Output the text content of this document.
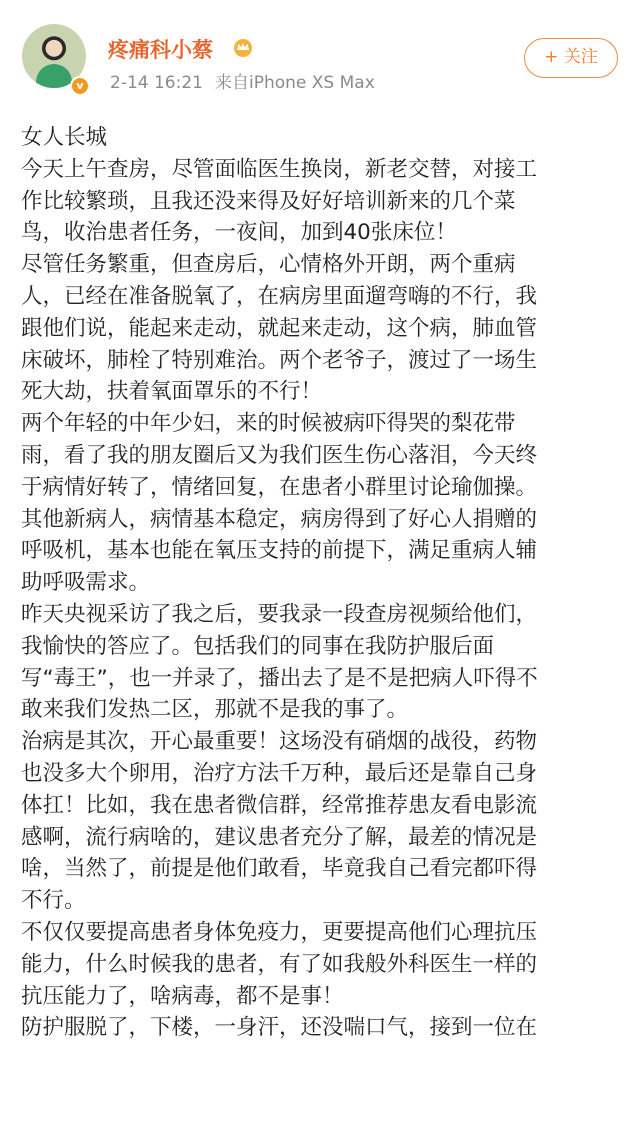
v
疼痛科小蔡
2-14 16:21 来自iPhone XS Max
+ 关注
女人长城
今天上午查房，尽管面临医生换岗，新老交替，对接工
作比较繁琐，且我还没来得及好好培训新来的几个菜
鸟，收治患者任务，一夜间，加到40张床位！
尽管任务繁重，但查房后，心情格外开朗，两个重病
人，已经在准备脱氧了，在病房里面遛弯嗨的不行，我
跟他们说，能起来走动，就起来走动，这个病，肺血管
床破坏，肺栓了特别难治。两个老爷子，渡过了一场生
死大劫，扶着氧面罩乐的不行！
两个年轻的中年少妇，来的时候被病吓得哭的梨花带
雨，看了我的朋友圈后又为我们医生伤心落泪，今天终
于病情好转了，情绪回复，在患者小群里讨论瑜伽操。
其他新病人，病情基本稳定，病房得到了好心人捐赠的
呼吸机，基本也能在氧压支持的前提下，满足重病人辅
助呼吸需求。
昨天央视采访了我之后，要我录一段查房视频给他们，
我愉快的答应了。包括我们的同事在我防护服后面
写“毒王”，也一并录了，播出去了是不是把病人吓得不
敢来我们发热二区，那就不是我的事了。
治病是其次，开心最重要！这场没有硝烟的战役，药物
也没多大个卵用，治疗方法千万种，最后还是靠自己身
体扛！比如，我在患者微信群，经常推荐患友看电影流
感啊，流行病啥的，建议患者充分了解，最差的情况是
啥，当然了，前提是他们敢看，毕竟我自己看完都吓得
不行。
不仅仅要提高患者身体免疫力，更要提高他们心理抗压
能力，什么时候我的患者，有了如我般外科医生一样的
抗压能力了，啥病毒，都不是事！
防护服脱了，下楼，一身汗，还没喘口气，接到一位在
